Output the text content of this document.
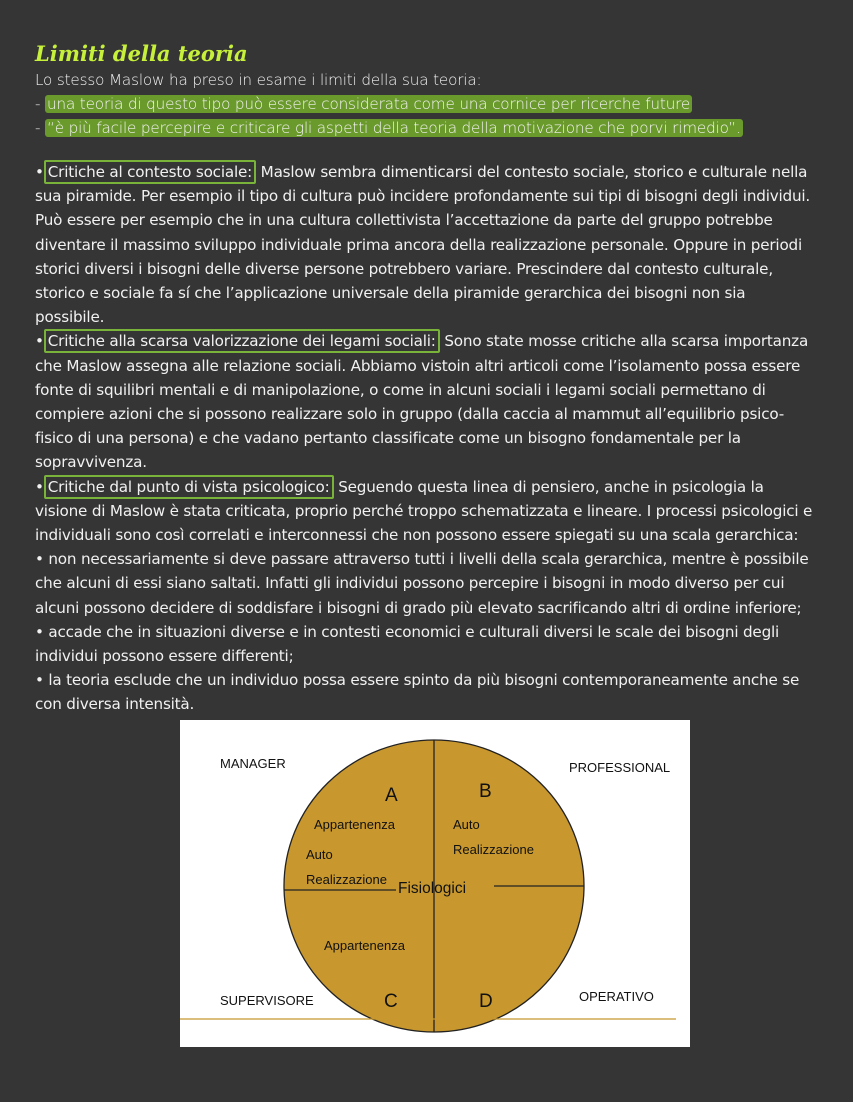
Limiti della teoria

Lo stesso Maslow ha preso in esame i limiti della sua teoria:

- una teoria di questo tipo può essere considerata come una cornice per ricerche future

- “è più facile percepire e criticare gli aspetti della teoria della motivazione che porvi rimedio”.

• Critiche al contesto sociale: Maslow sembra dimenticarsi del contesto sociale, storico e culturale nella sua piramide. Per esempio il tipo di cultura può incidere profondamente sui tipi di bisogni degli individui. Può essere per esempio che in una cultura collettivista l’accettazione da parte del gruppo potrebbe diventare il massimo sviluppo individuale prima ancora della realizzazione personale. Oppure in periodi storici diversi i bisogni delle diverse persone potrebbero variare. Prescindere dal contesto culturale, storico e sociale fa sí che l’applicazione universale della piramide gerarchica dei bisogni non sia possibile.

• Critiche alla scarsa valorizzazione dei legami sociali: Sono state mosse critiche alla scarsa importanza che Maslow assegna alle relazione sociali. Abbiamo vistoin altri articoli come l’isolamento possa essere fonte di squilibri mentali e di manipolazione, o come in alcuni sociali i legami sociali permettano di compiere azioni che si possono realizzare solo in gruppo (dalla caccia al mammut all’equilibrio psico-fisico di una persona) e che vadano pertanto classificate come un bisogno fondamentale per la sopravvivenza.

• Critiche dal punto di vista psicologico: Seguendo questa linea di pensiero, anche in psicologia la visione di Maslow è stata criticata, proprio perché troppo schematizzata e lineare. I processi psicologici e individuali sono così correlati e interconnessi che non possono essere spiegati su una scala gerarchica:

• non necessariamente si deve passare attraverso tutti i livelli della scala gerarchica, mentre è possibile che alcuni di essi siano saltati. Infatti gli individui possono percepire i bisogni in modo diverso per cui alcuni possono decidere di soddisfare i bisogni di grado più elevato sacrificando altri di ordine inferiore;

• accade che in situazioni diverse e in contesti economici e culturali diversi le scale dei bisogni degli individui possono essere differenti;

• la teoria esclude che un individuo possa essere spinto da più bisogni contemporaneamente anche se con diversa intensità.

MANAGER	PROFESSIONAL
SUPERVISORE	OPERATIVO
A	B
C	D
Appartenenza
Auto
Realizzazione
Auto
Realizzazione
Appartenenza
Fisiologici
